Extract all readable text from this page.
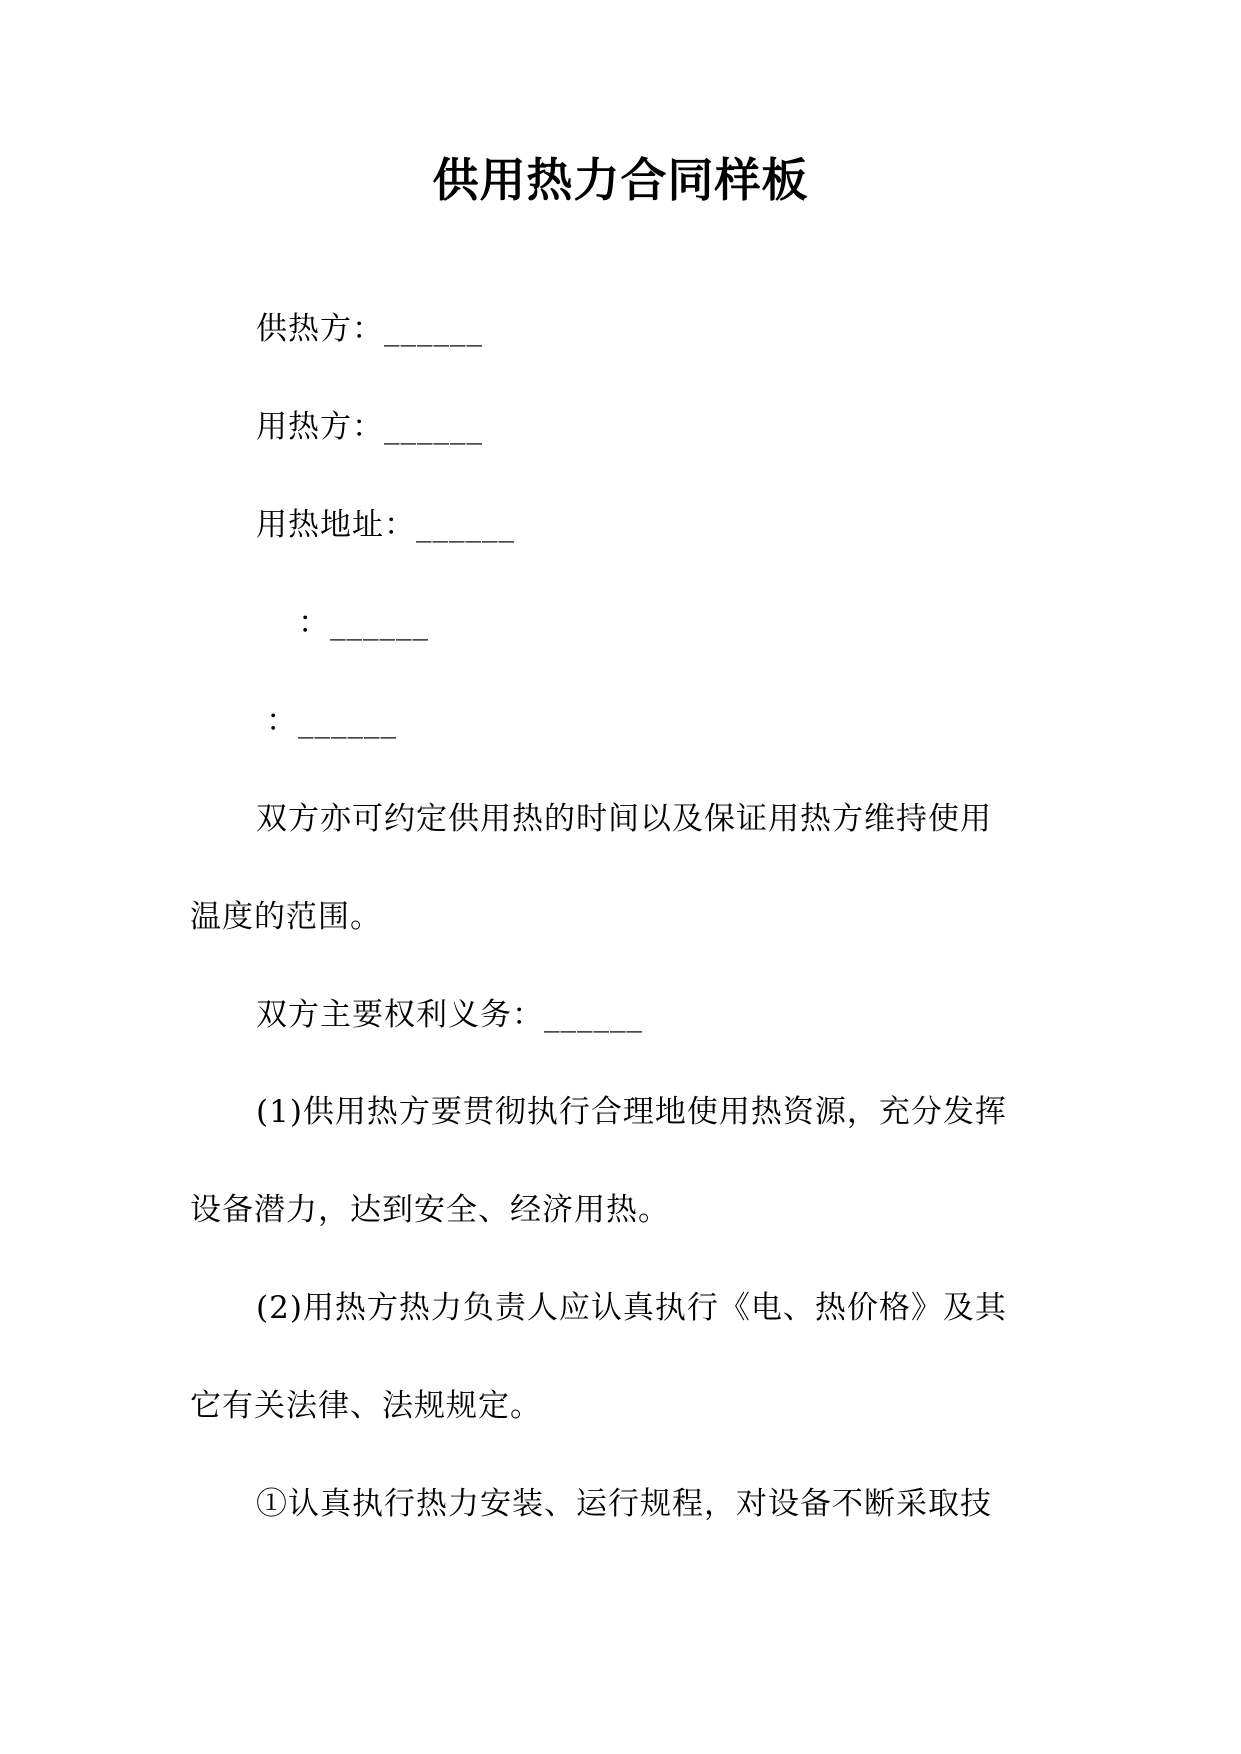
供用热力合同样板
供热方：______
用热方：______
用热地址：______
：______
：______
双方亦可约定供用热的时间以及保证用热方维持使用
温度的范围。
双方主要权利义务：______
(1)供用热方要贯彻执行合理地使用热资源，充分发挥
设备潜力，达到安全、经济用热。
(2)用热方热力负责人应认真执行《电、热价格》及其
它有关法律、法规规定。
①认真执行热力安装、运行规程，对设备不断采取技
